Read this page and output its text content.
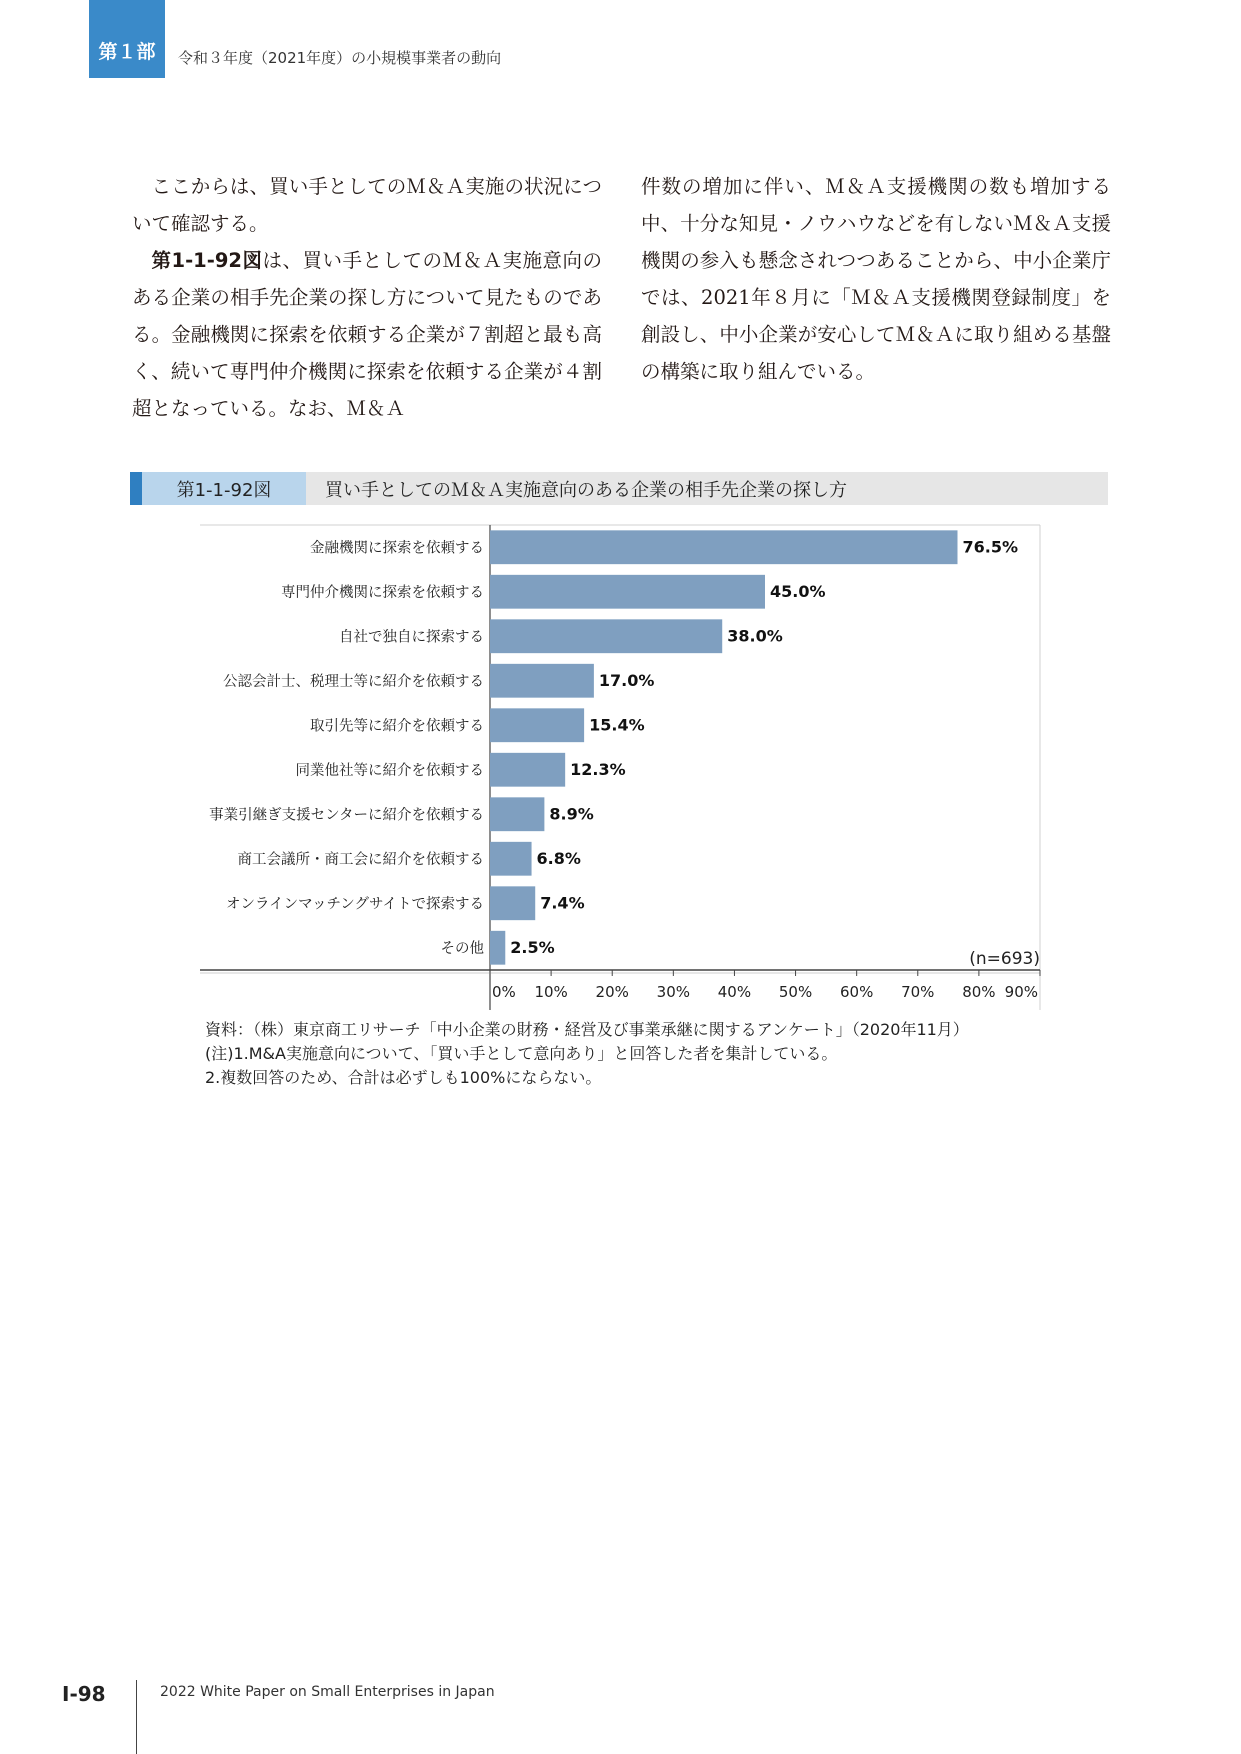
第１部 令和３年度（2021年度）の小規模事業者の動向

ここからは、買い手としてのＭ＆Ａ実施の状況について確認する。

第1-1-92図は、買い手としてのＭ＆Ａ実施意向のある企業の相手先企業の探し方について見たものである。金融機関に探索を依頼する企業が７割超と最も高く、続いて専門仲介機関に探索を依頼する企業が４割超となっている。なお、Ｍ＆Ａ

件数の増加に伴い、Ｍ＆Ａ支援機関の数も増加する中、十分な知見・ノウハウなどを有しないＭ＆Ａ支援機関の参入も懸念されつつあることから、中小企業庁では、2021年８月に「Ｍ＆Ａ支援機関登録制度」を創設し、中小企業が安心してＭ＆Ａに取り組める基盤の構築に取り組んでいる。

第1-1-92図	買い手としてのＭ＆Ａ実施意向のある企業の相手先企業の探し方
金融機関に探索を依頼する	76.5%
専門仲介機関に探索を依頼する	45.0%
自社で独自に探索する	38.0%
公認会計士、税理士等に紹介を依頼する	17.0%
取引先等に紹介を依頼する	15.4%
同業他社等に紹介を依頼する	12.3%
事業引継ぎ支援センターに紹介を依頼する	8.9%
商工会議所・商工会に紹介を依頼する	6.8%
オンラインマッチングサイトで探索する	7.4%
その他 2.5%
0% 10% 20% 30% 40% 50% 60% 70% 80% 90%
(n=693)
資料：（株）東京商工リサーチ「中小企業の財務・経営及び事業承継に関するアンケート」（2020年11月）
(注)1.M&A実施意向について、「買い手として意向あり」と回答した者を集計している。
2.複数回答のため、合計は必ずしも100%にならない。
Ⅰ-98	2022 White Paper on Small Enterprises in Japan
